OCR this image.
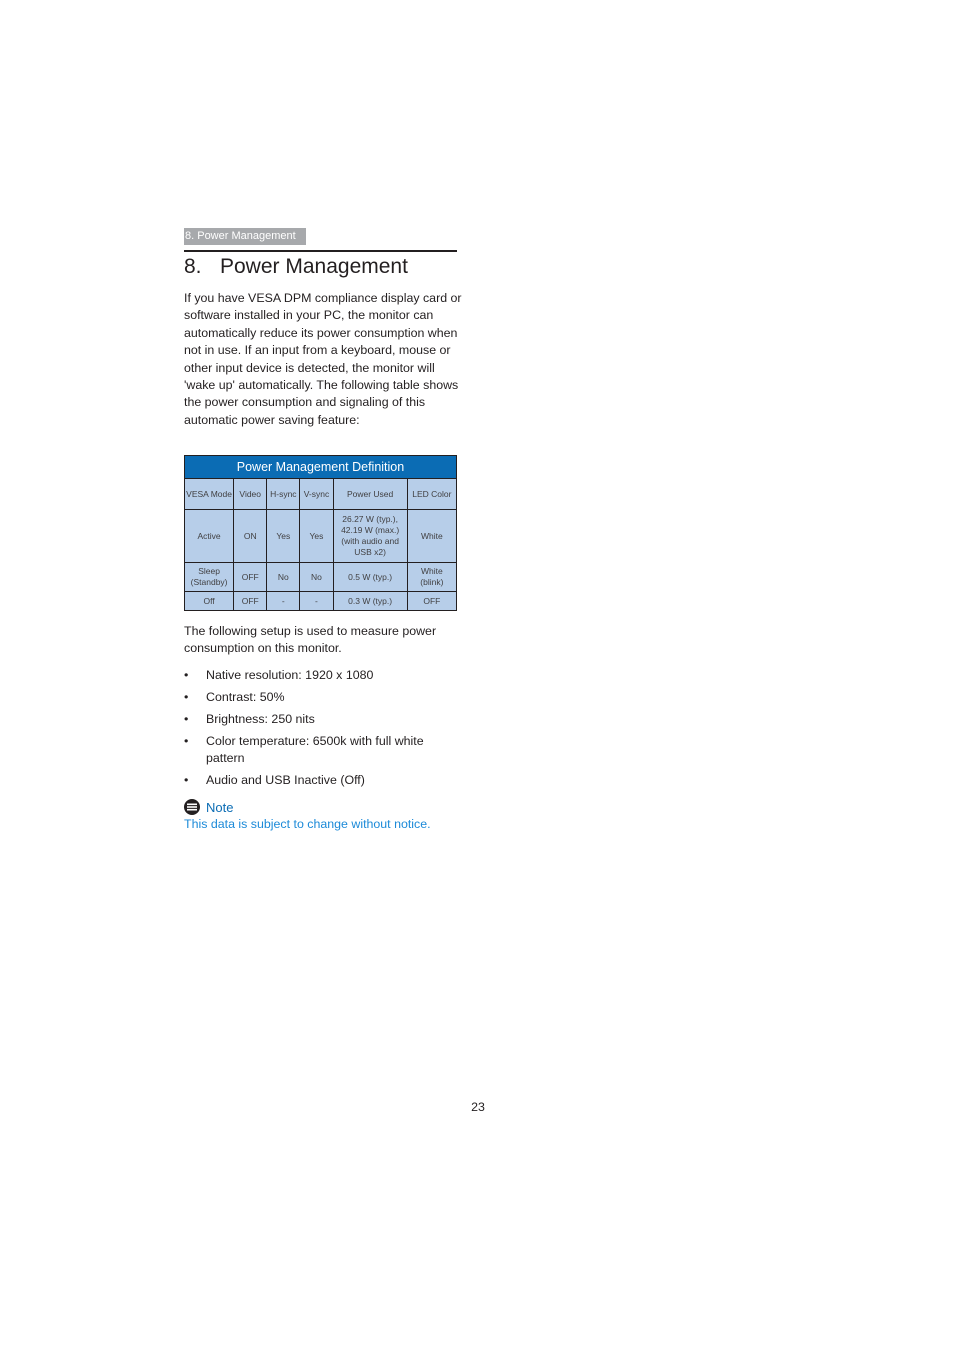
8. Power Management
8. Power Management
If you have VESA DPM compliance display card or software installed in your PC, the monitor can automatically reduce its power consumption when not in use. If an input from a keyboard, mouse or other input device is detected, the monitor will 'wake up' automatically. The following table shows the power consumption and signaling of this automatic power saving feature:
Power Management Definition					
VESA Mode	Video	H-sync	V-sync	Power Used	LED Color
Active	ON	Yes	Yes	26.27 W (typ.), 42.19 W (max.) (with audio and USB x2)	White
Sleep (Standby)	OFF	No	No	0.5 W (typ.)	White (blink)
Off	OFF	-	-	0.3 W (typ.)	OFF
The following setup is used to measure power consumption on this monitor.
• Native resolution: 1920 x 1080
• Contrast: 50%
• Brightness: 250 nits
• Color temperature: 6500k with full white pattern
• Audio and USB Inactive (Off)
Note
This data is subject to change without notice.
23
